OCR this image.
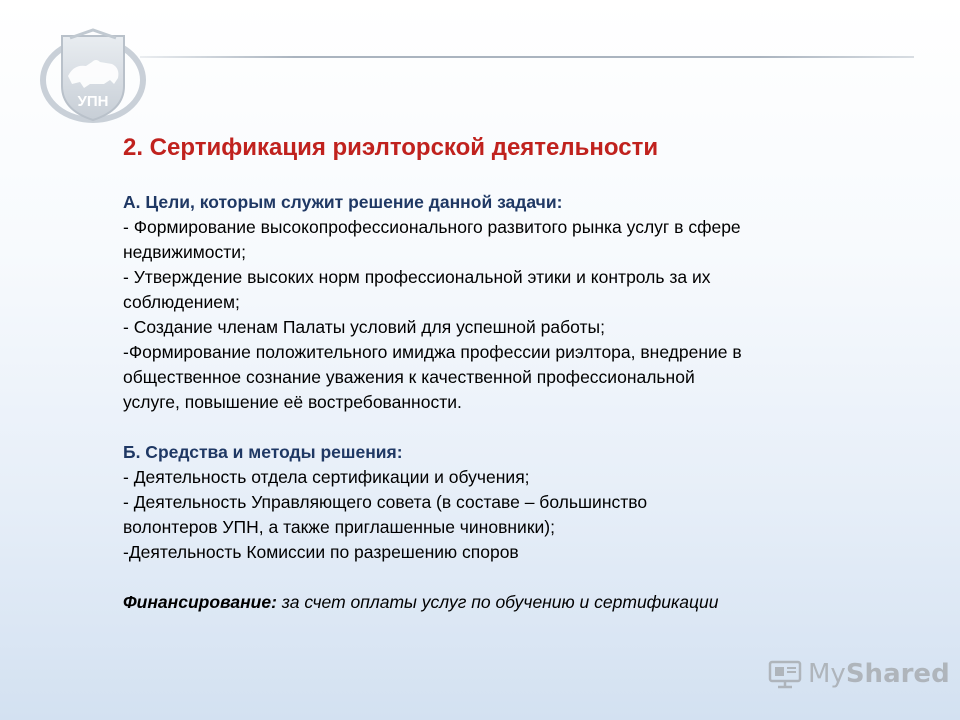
УПН
2. Сертификация риэлторской деятельности

А. Цели, которым служит решение данной задачи:

- Формирование высокопрофессионального развитого рынка услуг в сфере

недвижимости;

- Утверждение высоких норм профессиональной этики и контроль за их

соблюдением;

- Создание членам Палаты условий для успешной работы;

-Формирование положительного имиджа профессии риэлтора, внедрение в

общественное сознание уважения к качественной профессиональной

услуге, повышение её востребованности.

Б. Средства и методы решения:

- Деятельность отдела сертификации и обучения;

- Деятельность Управляющего совета (в составе – большинство

волонтеров УПН, а также приглашенные чиновники);

-Деятельность Комиссии по разрешению споров

Финансирование: за счет оплаты услуг по обучению и сертификации

MyShared
